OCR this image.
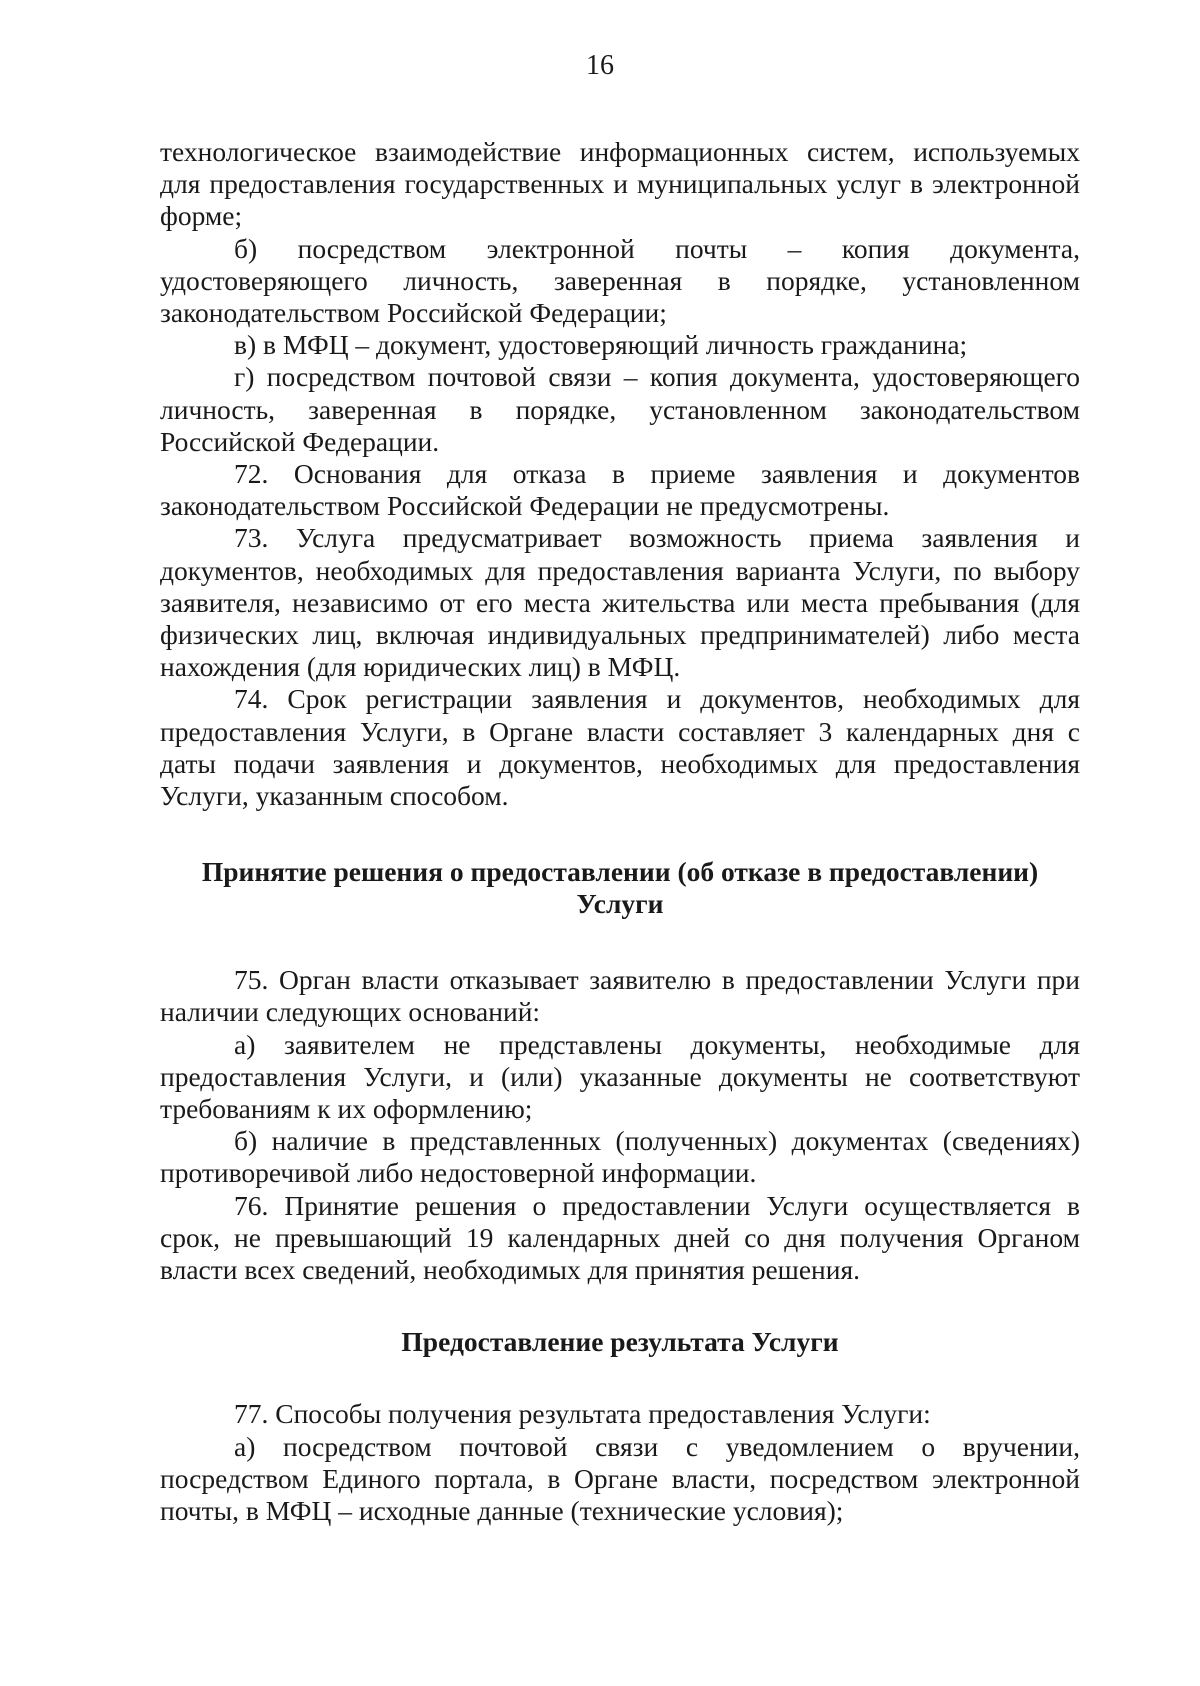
16

технологическое взаимодействие информационных систем, используемых для предоставления государственных и муниципальных услуг в электронной форме;

б) посредством электронной почты – копия документа, удостоверяющего личность, заверенная в порядке, установленном законодательством Российской Федерации;

в) в МФЦ – документ, удостоверяющий личность гражданина;

г) посредством почтовой связи – копия документа, удостоверяющего личность, заверенная в порядке, установленном законодательством Российской Федерации.

72. Основания для отказа в приеме заявления и документов законодательством Российской Федерации не предусмотрены.

73. Услуга предусматривает возможность приема заявления и документов, необходимых для предоставления варианта Услуги, по выбору заявителя, независимо от его места жительства или места пребывания (для физических лиц, включая индивидуальных предпринимателей) либо места нахождения (для юридических лиц) в МФЦ.

74. Срок регистрации заявления и документов, необходимых для предоставления Услуги, в Органе власти составляет 3 календарных дня с даты подачи заявления и документов, необходимых для предоставления Услуги, указанным способом.

Принятие решения о предоставлении (об отказе в предоставлении)
Услуги

75. Орган власти отказывает заявителю в предоставлении Услуги при наличии следующих оснований:

а) заявителем не представлены документы, необходимые для предоставления Услуги, и (или) указанные документы не соответствуют требованиям к их оформлению;

б) наличие в представленных (полученных) документах (сведениях) противоречивой либо недостоверной информации.

76. Принятие решения о предоставлении Услуги осуществляется в срок, не превышающий 19 календарных дней со дня получения Органом власти всех сведений, необходимых для принятия решения.

Предоставление результата Услуги

77. Способы получения результата предоставления Услуги:

а) посредством почтовой связи с уведомлением о вручении, посредством Единого портала, в Органе власти, посредством электронной почты, в МФЦ – исходные данные (технические условия);
